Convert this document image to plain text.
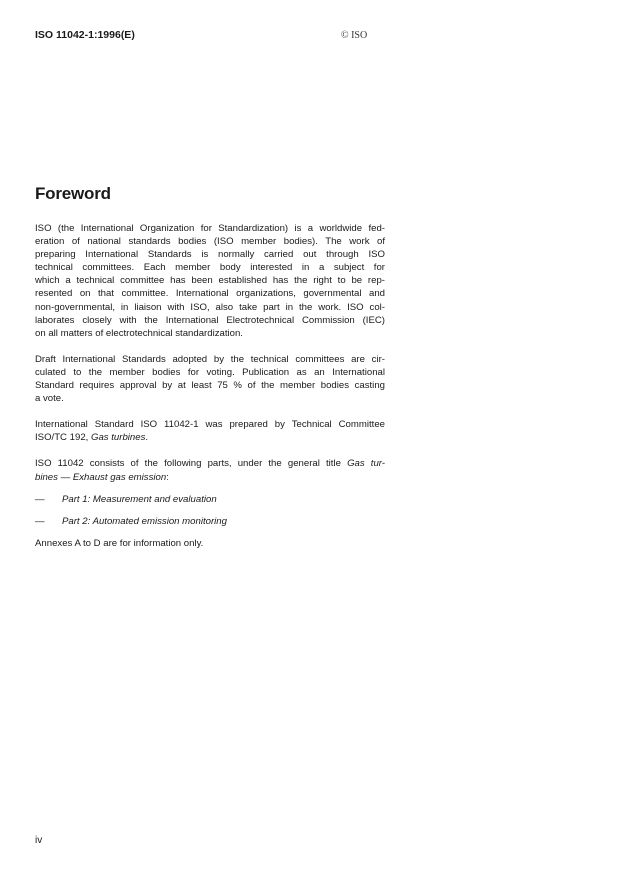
ISO 11042-1:1996(E)	© ISO
Foreword
ISO (the International Organization for Standardization) is a worldwide fed-
eration of national standards bodies (ISO member bodies). The work of
preparing International Standards is normally carried out through ISO
technical committees. Each member body interested in a subject for
which a technical committee has been established has the right to be rep-
resented on that committee. International organizations, governmental and
non-governmental, in liaison with ISO, also take part in the work. ISO col-
laborates closely with the International Electrotechnical Commission (IEC)
on all matters of electrotechnical standardization.
Draft International Standards adopted by the technical committees are cir-
culated to the member bodies for voting. Publication as an International
Standard requires approval by at least 75 % of the member bodies casting
a vote.
International Standard ISO 11042-1 was prepared by Technical Committee
ISO/TC 192, Gas turbines.
ISO 11042 consists of the following parts, under the general title Gas tur-
bines — Exhaust gas emission:
— Part 1: Measurement and evaluation
— Part 2: Automated emission monitoring
Annexes A to D are for information only.
iv
